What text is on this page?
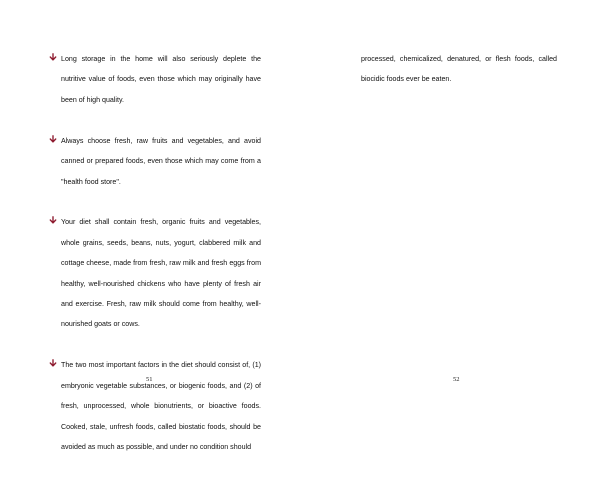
Long storage in the home will also seriously deplete the nutritive value of foods, even those which may originally have been of high quality.

Always choose fresh, raw fruits and vegetables, and avoid canned or prepared foods, even those which may come from a "health food store".

Your diet shall contain fresh, organic fruits and vegetables, whole grains, seeds, beans, nuts, yogurt, clabbered milk and cottage cheese, made from fresh, raw milk and fresh eggs from healthy, well-nourished chickens who have plenty of fresh air and exercise. Fresh, raw milk should come from healthy, well-nourished goats or cows.

The two most important factors in the diet should consist of, (1) embryonic vegetable substances, or biogenic foods, and (2) of fresh, unprocessed, whole bionutrients, or bioactive foods. Cooked, stale, unfresh foods, called biostatic foods, should be avoided as much as possible, and under no condition should

51

processed, chemicalized, denatured, or flesh foods, called biocidic foods ever be eaten.

52
